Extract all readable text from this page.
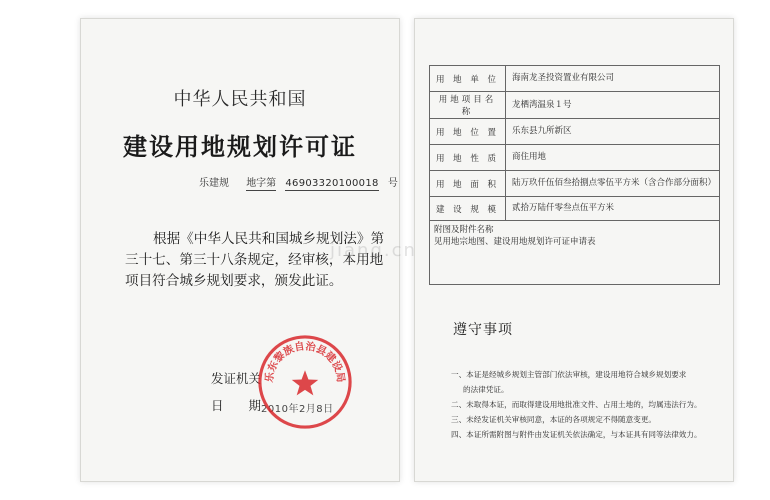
中华人民共和国
建设用地规划许可证
乐建规 地字第 46903320100018 号
根据《中华人民共和国城乡规划法》第
三十七、第三十八条规定，经审核，本用地
项目符合城乡规划要求，颁发此证。
发证机关
日　　期 2010年2月8日
乐东黎族自治县建设局
用 地 单 位	海南龙圣投资置业有限公司
用地项目名称	龙栖湾温泉１号
用 地 位 置	乐东县九所新区
用 地 性 质	商住用地
用 地 面 积	陆万玖仟伍佰叁拾捌点零伍平方米（含合作部分面积）
建 设 规 模	贰拾万陆仟零叁点伍平方米

附图及附件名称
见用地宗地图、建设用地规划许可证申请表	
遵守事项
一、本证是经城乡规划主管部门依法审核，建设用地符合城乡规划要求
的法律凭证。
二、未取得本证，而取得建设用地批准文件、占用土地的，均属违法行为。
三、未经发证机关审核同意，本证的各项规定不得随意变更。
四、本证所需附图与附件由发证机关依法确定，与本证具有同等法律效力。
jiang.cn
